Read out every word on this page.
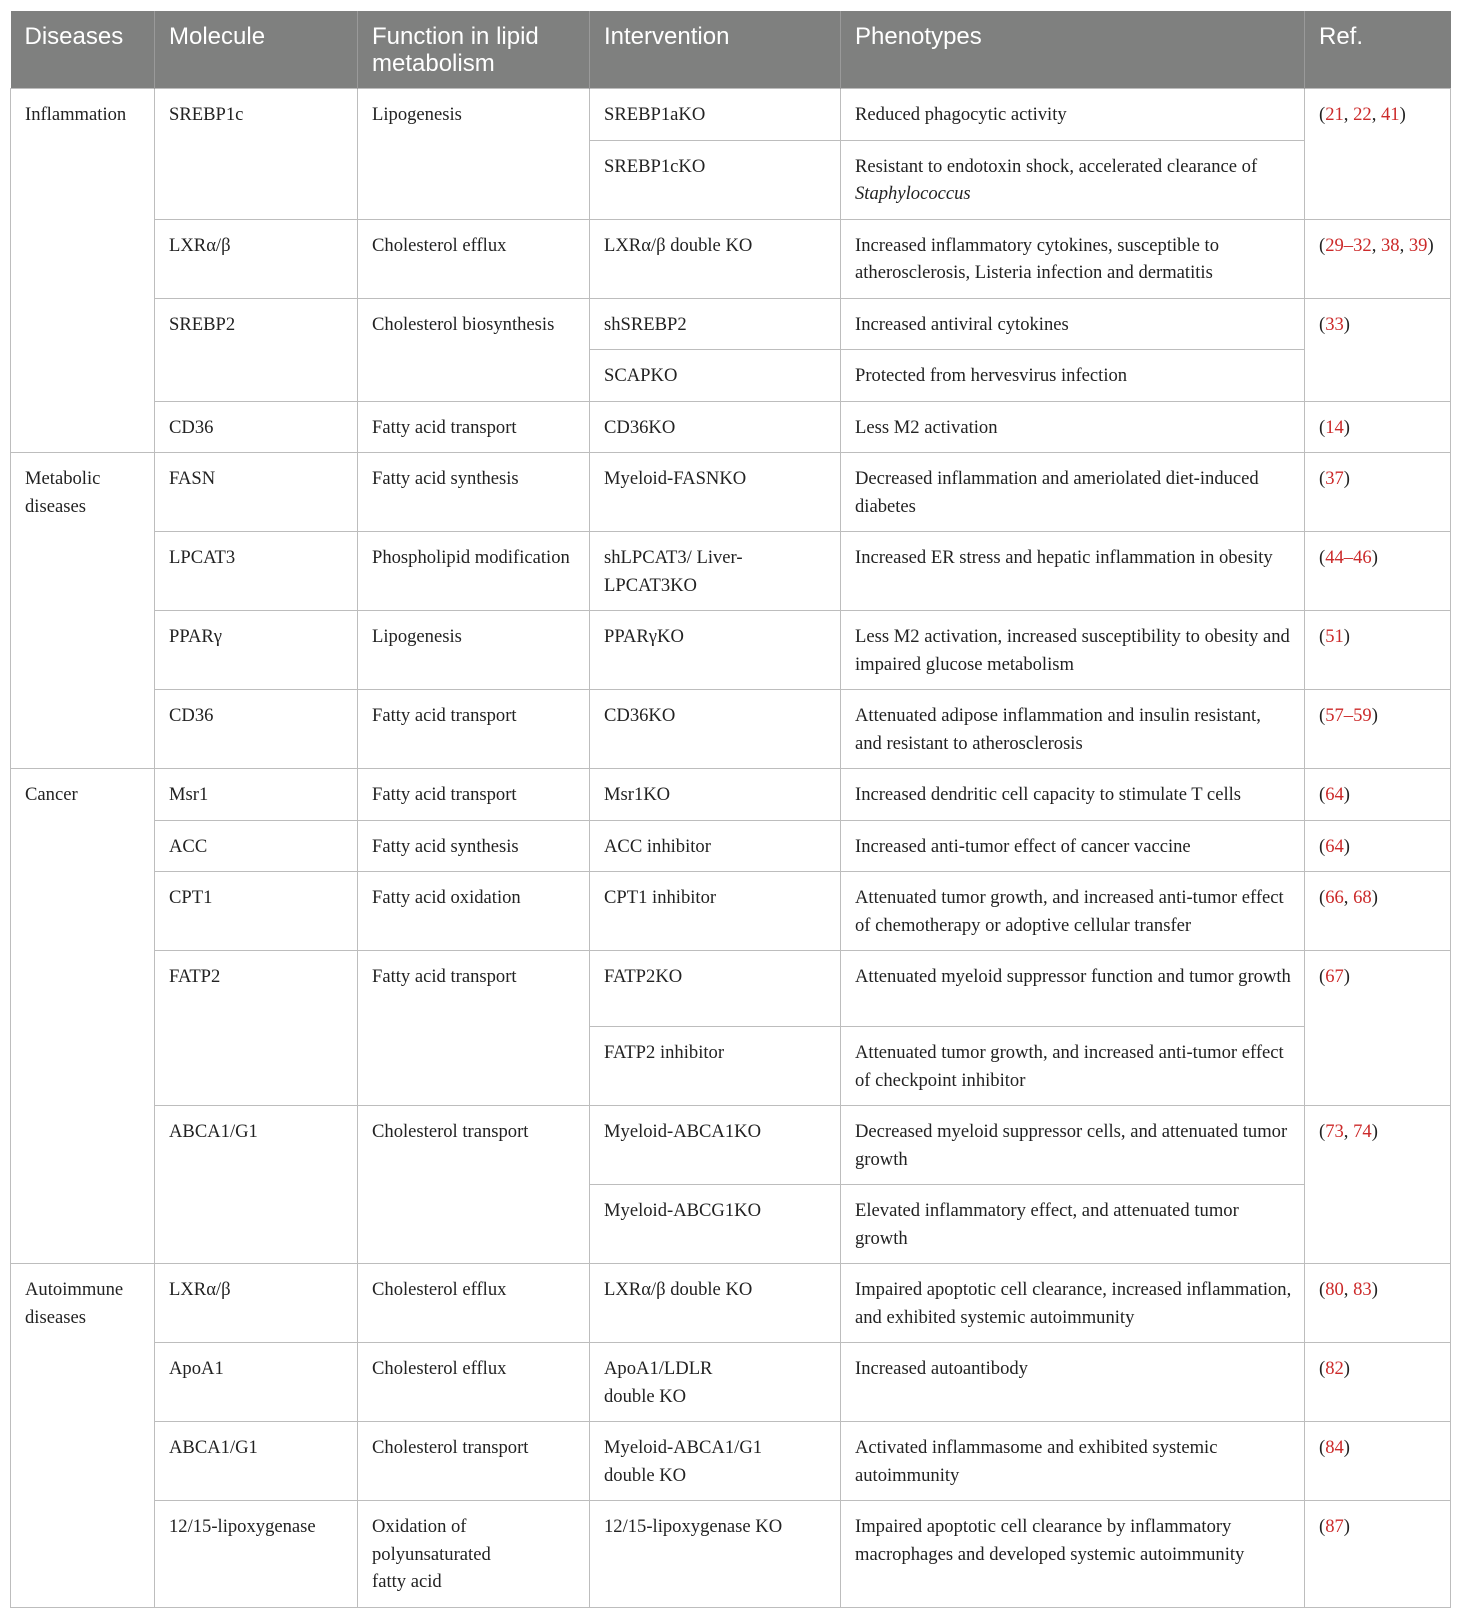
Diseases	Molecule	Function in lipid metabolism	Intervention	Phenotypes	Ref.
Inflammation	SREBP1c	Lipogenesis	SREBP1aKO	Reduced phagocytic activity	(21, 22, 41)
			SREBP1cKO	Resistant to endotoxin shock, accelerated clearance of Staphylococcus	
	LXRα/β	Cholesterol efflux	LXRα/β double KO	Increased inflammatory cytokines, susceptible to atherosclerosis, Listeria infection and dermatitis	(29–32, 38, 39)
	SREBP2	Cholesterol biosynthesis	shSREBP2	Increased antiviral cytokines	(33)
			SCAPKO	Protected from hervesvirus infection	
	CD36	Fatty acid transport	CD36KO	Less M2 activation	(14)
Metabolic diseases	FASN	Fatty acid synthesis	Myeloid-FASNKO	Decreased inflammation and ameriolated diet-induced diabetes	(37)
	LPCAT3	Phospholipid modification	shLPCAT3/ Liver-LPCAT3KO	Increased ER stress and hepatic inflammation in obesity	(44–46)
	PPARγ	Lipogenesis	PPARγKO	Less M2 activation, increased susceptibility to obesity and impaired glucose metabolism	(51)
	CD36	Fatty acid transport	CD36KO	Attenuated adipose inflammation and insulin resistant, and resistant to atherosclerosis	(57–59)
Cancer	Msr1	Fatty acid transport	Msr1KO	Increased dendritic cell capacity to stimulate T cells	(64)
	ACC	Fatty acid synthesis	ACC inhibitor	Increased anti-tumor effect of cancer vaccine	(64)
	CPT1	Fatty acid oxidation	CPT1 inhibitor	Attenuated tumor growth, and increased anti-tumor effect of chemotherapy or adoptive cellular transfer	(66, 68)
	FATP2	Fatty acid transport	FATP2KO	Attenuated myeloid suppressor function and tumor growth	(67)
			FATP2 inhibitor	Attenuated tumor growth, and increased anti-tumor effect of checkpoint inhibitor	
	ABCA1/G1	Cholesterol transport	Myeloid-ABCA1KO	Decreased myeloid suppressor cells, and attenuated tumor growth	(73, 74)
			Myeloid-ABCG1KO	Elevated inflammatory effect, and attenuated tumor growth	
Autoimmune diseases	LXRα/β	Cholesterol efflux	LXRα/β double KO	Impaired apoptotic cell clearance, increased inflammation, and exhibited systemic autoimmunity	(80, 83)
	ApoA1	Cholesterol efflux	ApoA1/LDLR double KO	Increased autoantibody	(82)
	ABCA1/G1	Cholesterol transport	Myeloid-ABCA1/G1 double KO	Activated inflammasome and exhibited systemic autoimmunity	(84)
	12/15-lipoxygenase	Oxidation of polyunsaturated fatty acid	12/15-lipoxygenase KO	Impaired apoptotic cell clearance by inflammatory macrophages and developed systemic autoimmunity	(87)
